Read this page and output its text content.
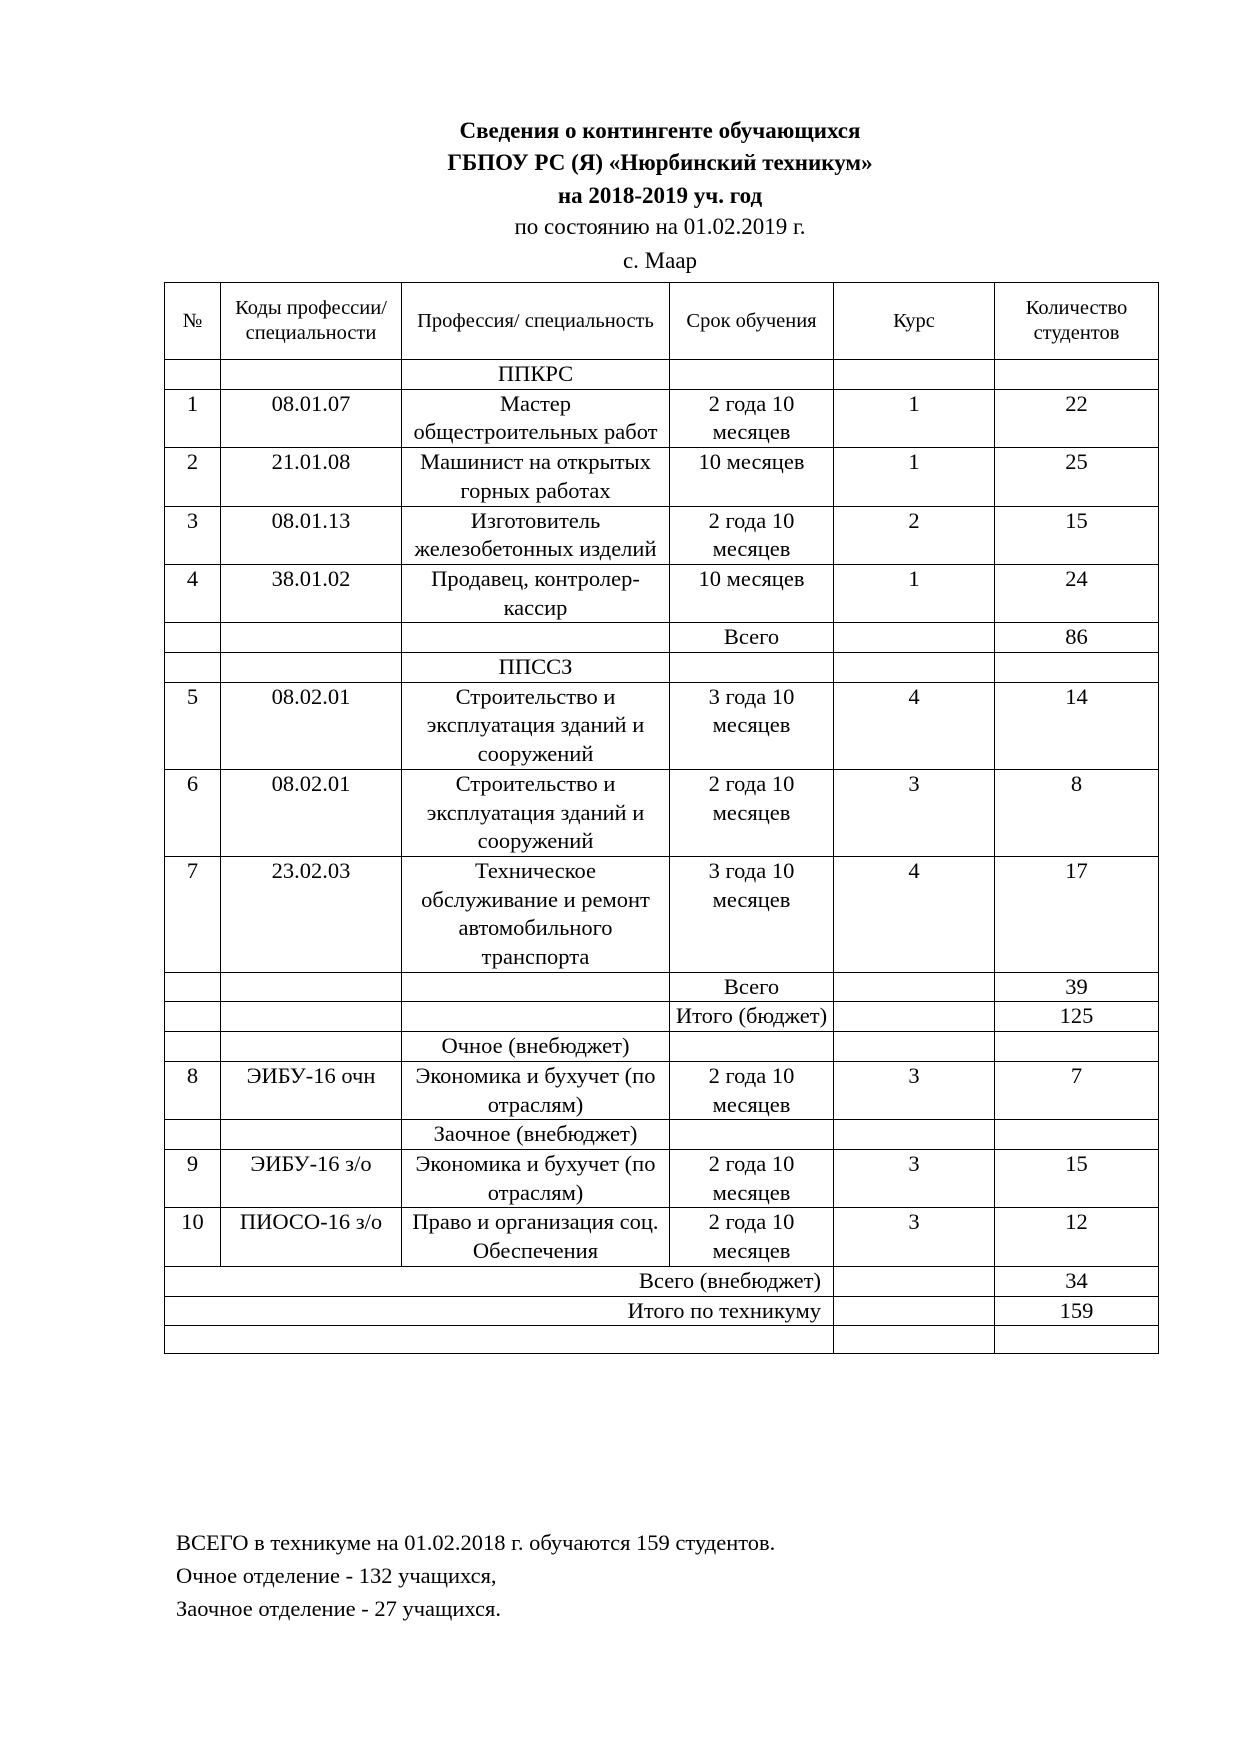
Сведения о контингенте обучающихся
ГБПОУ РС (Я) «Нюрбинский техникум»
на 2018-2019 уч. год
по состоянию на 01.02.2019 г.
с. Маар
№	Коды профессии/ специальности	Профессия/ специальность	Срок обучения	Курс	Количество студентов
		ППКРС			
1	08.01.07	Мастер общестроительных работ	2 года 10 месяцев	1	22
2	21.01.08	Машинист на открытых горных работах	10 месяцев	1	25
3	08.01.13	Изготовитель железобетонных изделий	2 года 10 месяцев	2	15
4	38.01.02	Продавец, контролер-кассир	10 месяцев	1	24
			Всего		86
		ППССЗ			
5	08.02.01	Строительство и эксплуатация зданий и сооружений	3 года 10 месяцев	4	14
6	08.02.01	Строительство и эксплуатация зданий и сооружений	2 года 10 месяцев	3	8
7	23.02.03	Техническое обслуживание и ремонт автомобильного транспорта	3 года 10 месяцев	4	17
			Всего		39
			Итого (бюджет)		125
		Очное (внебюджет)			
8	ЭИБУ-16 очн	Экономика и бухучет (по отраслям)	2 года 10 месяцев	3	7
		Заочное (внебюджет)			
9	ЭИБУ-16 з/о	Экономика и бухучет (по отраслям)	2 года 10 месяцев	3	15
10	ПИОСО-16 з/о	Право и организация соц. Обеспечения	2 года 10 месяцев	3	12
Всего (внебюджет)					34
Итого по техникуму					159

ВСЕГО в техникуме на 01.02.2018 г. обучаются 159 студентов.
Очное отделение - 132 учащихся,
Заочное отделение - 27 учащихся.
